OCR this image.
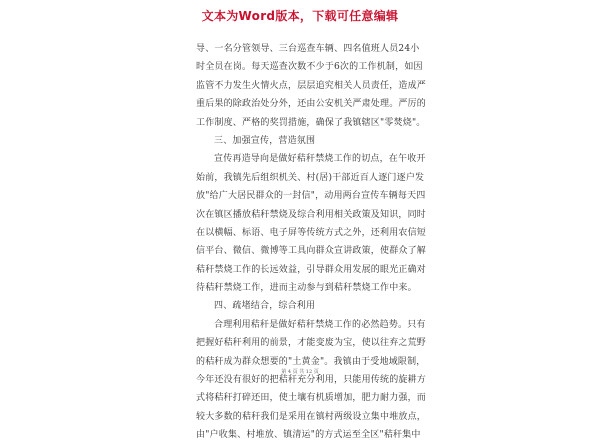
文本为Word版本，下载可任意编辑
导、一名分管领导、三台巡查车辆、四名值班人员24小
时全员在岗。每天巡查次数不少于6次的工作机制，如因
监管不力发生火情火点，层层追究相关人员责任，造成严
重后果的除政治处分外，还由公安机关严肃处理。严厉的
工作制度、严格的奖罚措施，确保了我镇辖区"零焚烧"。
三、加强宣传，营造氛围
宣传再造导向是做好秸秆禁烧工作的切点，在午收开
始前，我镇先后组织机关、村(居)干部近百人逐门逐户发
放"给广大居民群众的一封信"，动用两台宣传车辆每天四
次在镇区播放秸秆禁烧及综合利用相关政策及知识，同时
在以横幅、标语、电子屏等传统方式之外，还利用农信短
信平台、微信、微博等工具向群众宣讲政策，使群众了解
秸秆禁烧工作的长远效益，引导群众用发展的眼光正确对
待秸秆禁烧工作，进而主动参与到秸秆禁烧工作中来。
四、疏堵结合，综合利用
合理利用秸秆是做好秸秆禁烧工作的必然趋势。只有
把握好秸秆利用的前景，才能变废为宝，使以往弃之荒野
的秸秆成为群众想要的"土黄金"。我镇由于受地域限制，
今年还没有很好的把秸秆充分利用，只能用传统的旋耕方
式将秸秆打碎还田，使土壤有机质增加，肥力耐力强，而
较大多数的秸秆我们是采用在镇村两级设立集中堆放点，
由"户收集、村堆放、镇清运"的方式运至全区"秸秆集中
第 4 页 共 12 页
